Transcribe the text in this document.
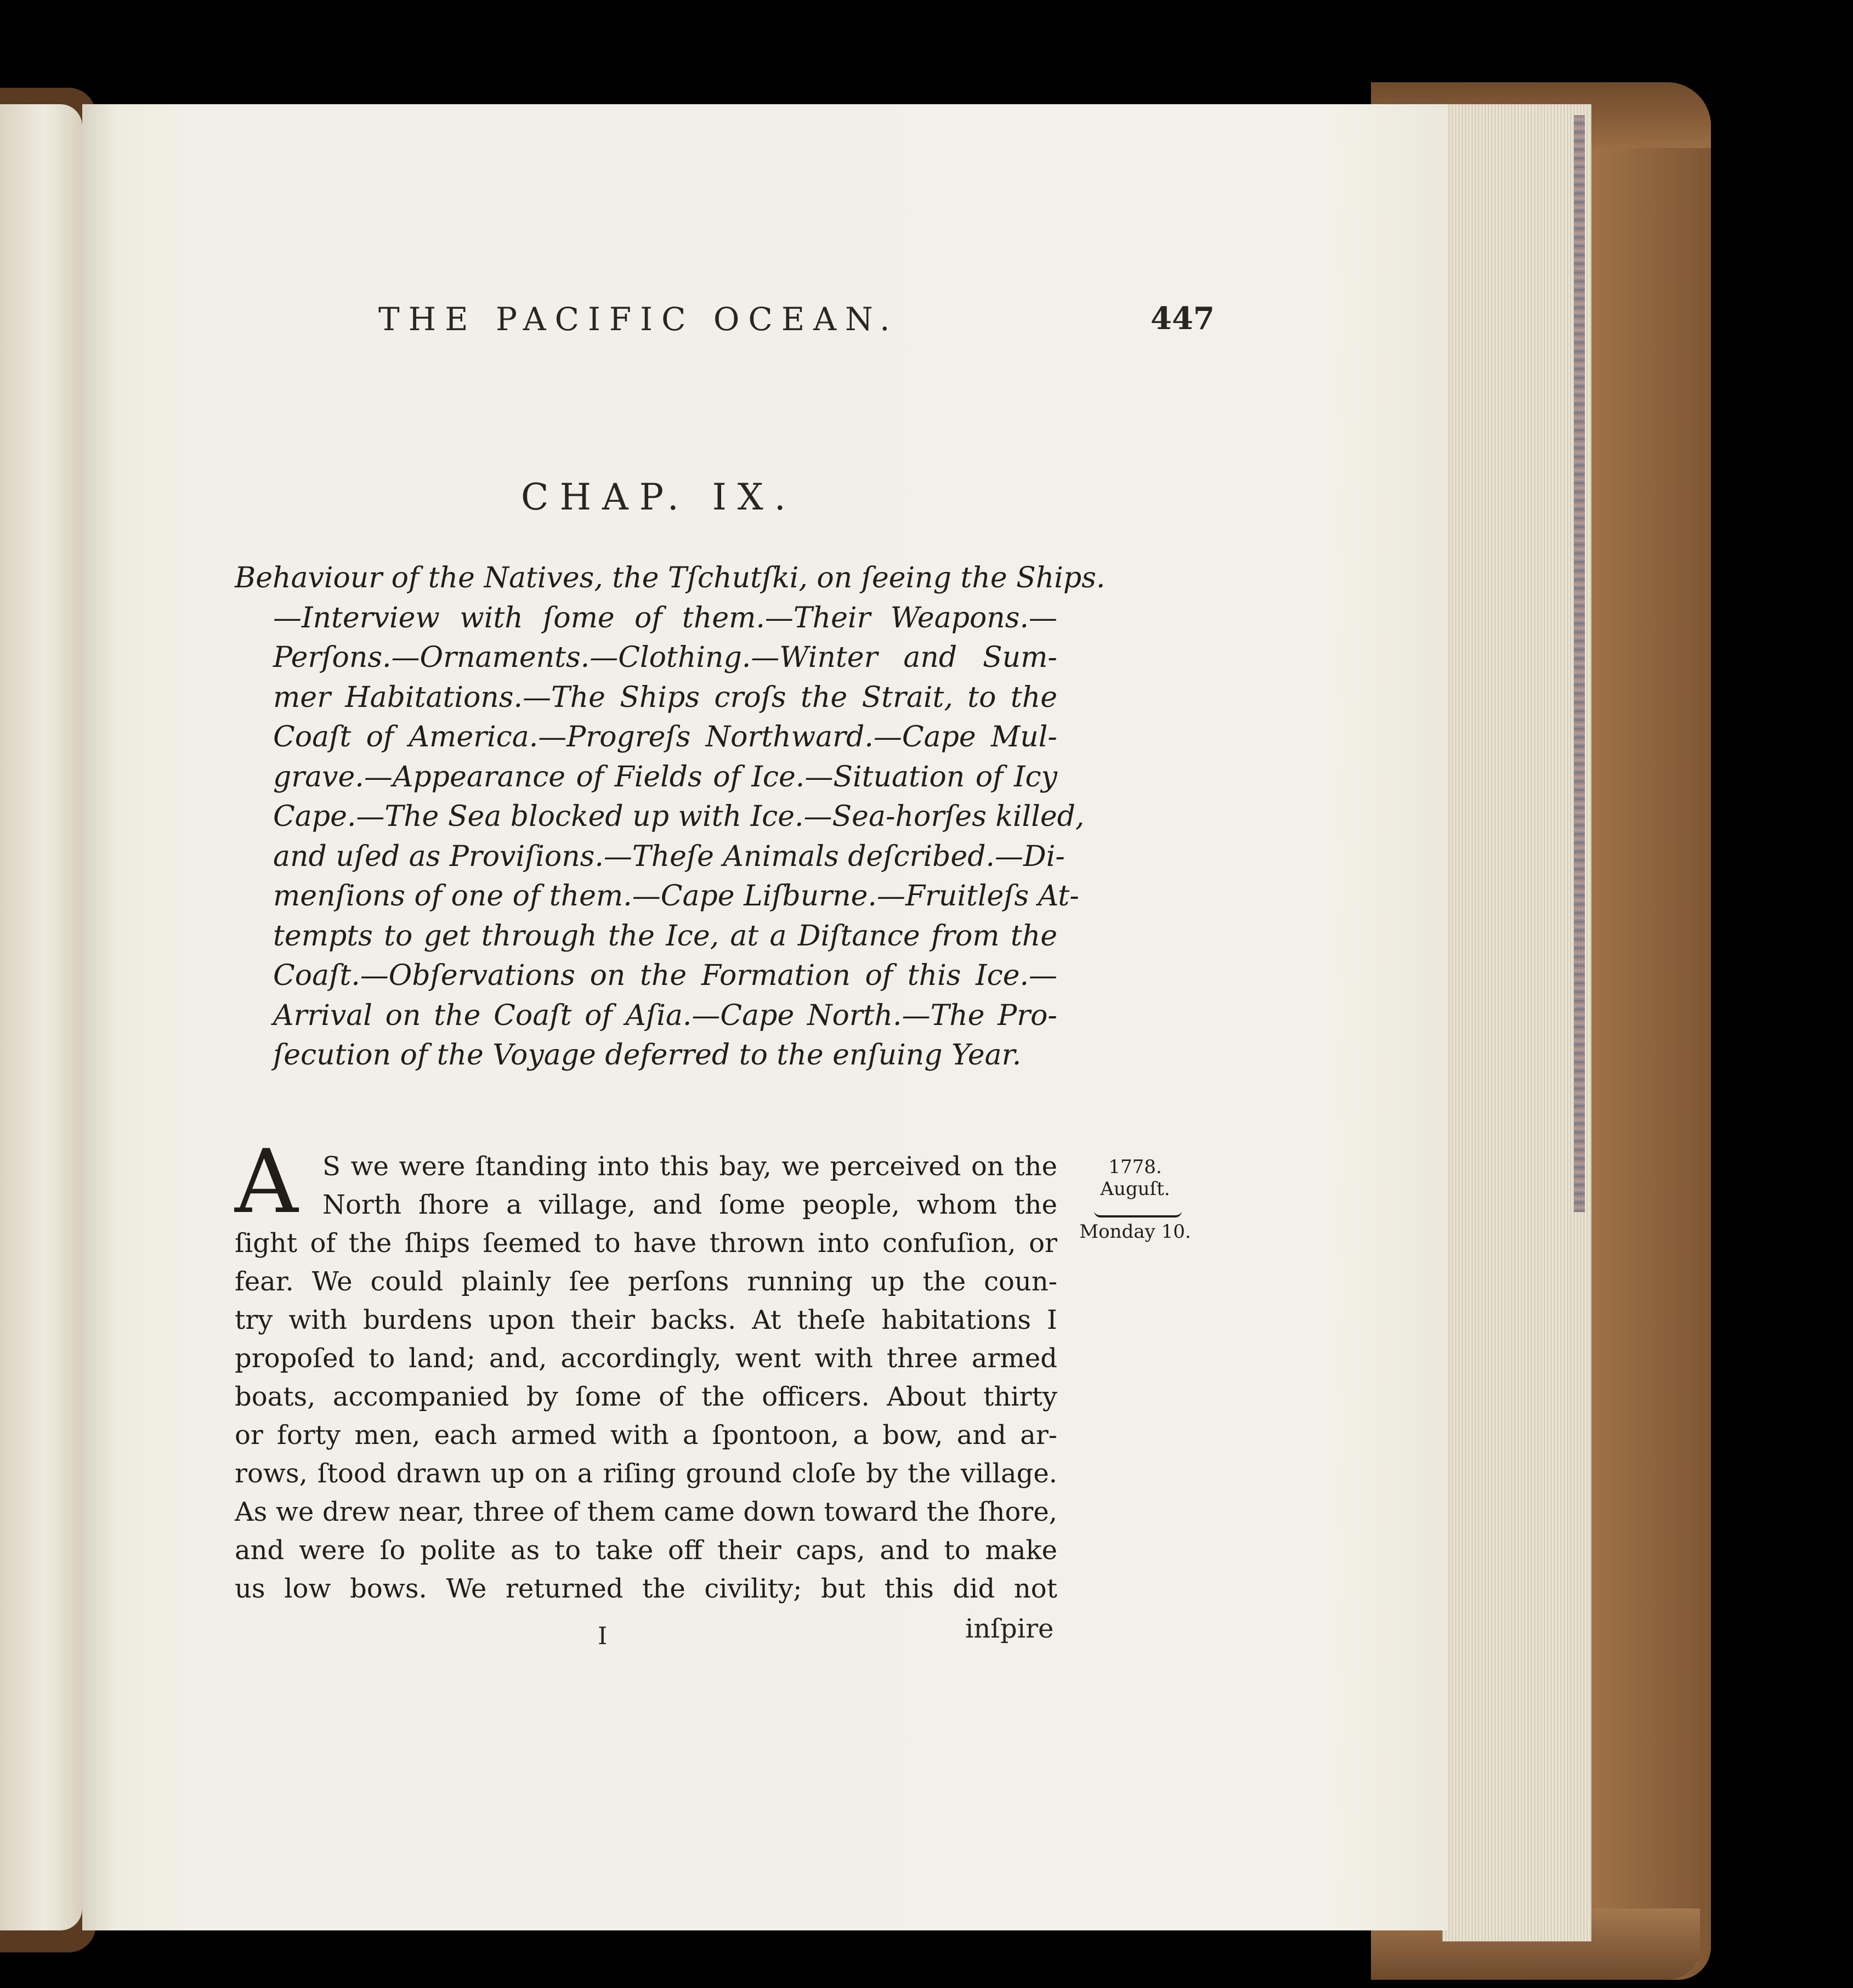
THE PACIFIC OCEAN.	447
CHAP. IX.
Behaviour of the Natives, the Tſchutſki, on ſeeing the Ships.
—Interview with ſome of them.—Their Weapons.—
Perſons.—Ornaments.—Clothing.—Winter and Sum-
mer Habitations.—The Ships croſs the Strait, to the
Coaſt of America.—Progreſs Northward.—Cape Mul-
grave.—Appearance of Fields of Ice.—Situation of Icy
Cape.—The Sea blocked up with Ice.—Sea-horſes killed,
and uſed as Proviſions.—Theſe Animals deſcribed.—Di-
menſions of one of them.—Cape Liſburne.—Fruitleſs At-
tempts to get through the Ice, at a Diſtance from the
Coaſt.—Obſervations on the Formation of this Ice.—
Arrival on the Coaſt of Aſia.—Cape North.—The Pro-
ſecution of the Voyage deferred to the enſuing Year.
A S we were ſtanding into this bay, we perceived on the
North ſhore a village, and ſome people, whom the
ſight of the ſhips ſeemed to have thrown into confuſion, or
fear. We could plainly ſee perſons running up the coun-
try with burdens upon their backs. At theſe habitations I
propoſed to land; and, accordingly, went with three armed
boats, accompanied by ſome of the officers. About thirty
or forty men, each armed with a ſpontoon, a bow, and ar-
rows, ſtood drawn up on a riſing ground cloſe by the village.
As we drew near, three of them came down toward the ſhore,
and were ſo polite as to take off their caps, and to make
us low bows. We returned the civility; but this did not
I	inſpire
1778.
Auguſt.
Monday 10.
